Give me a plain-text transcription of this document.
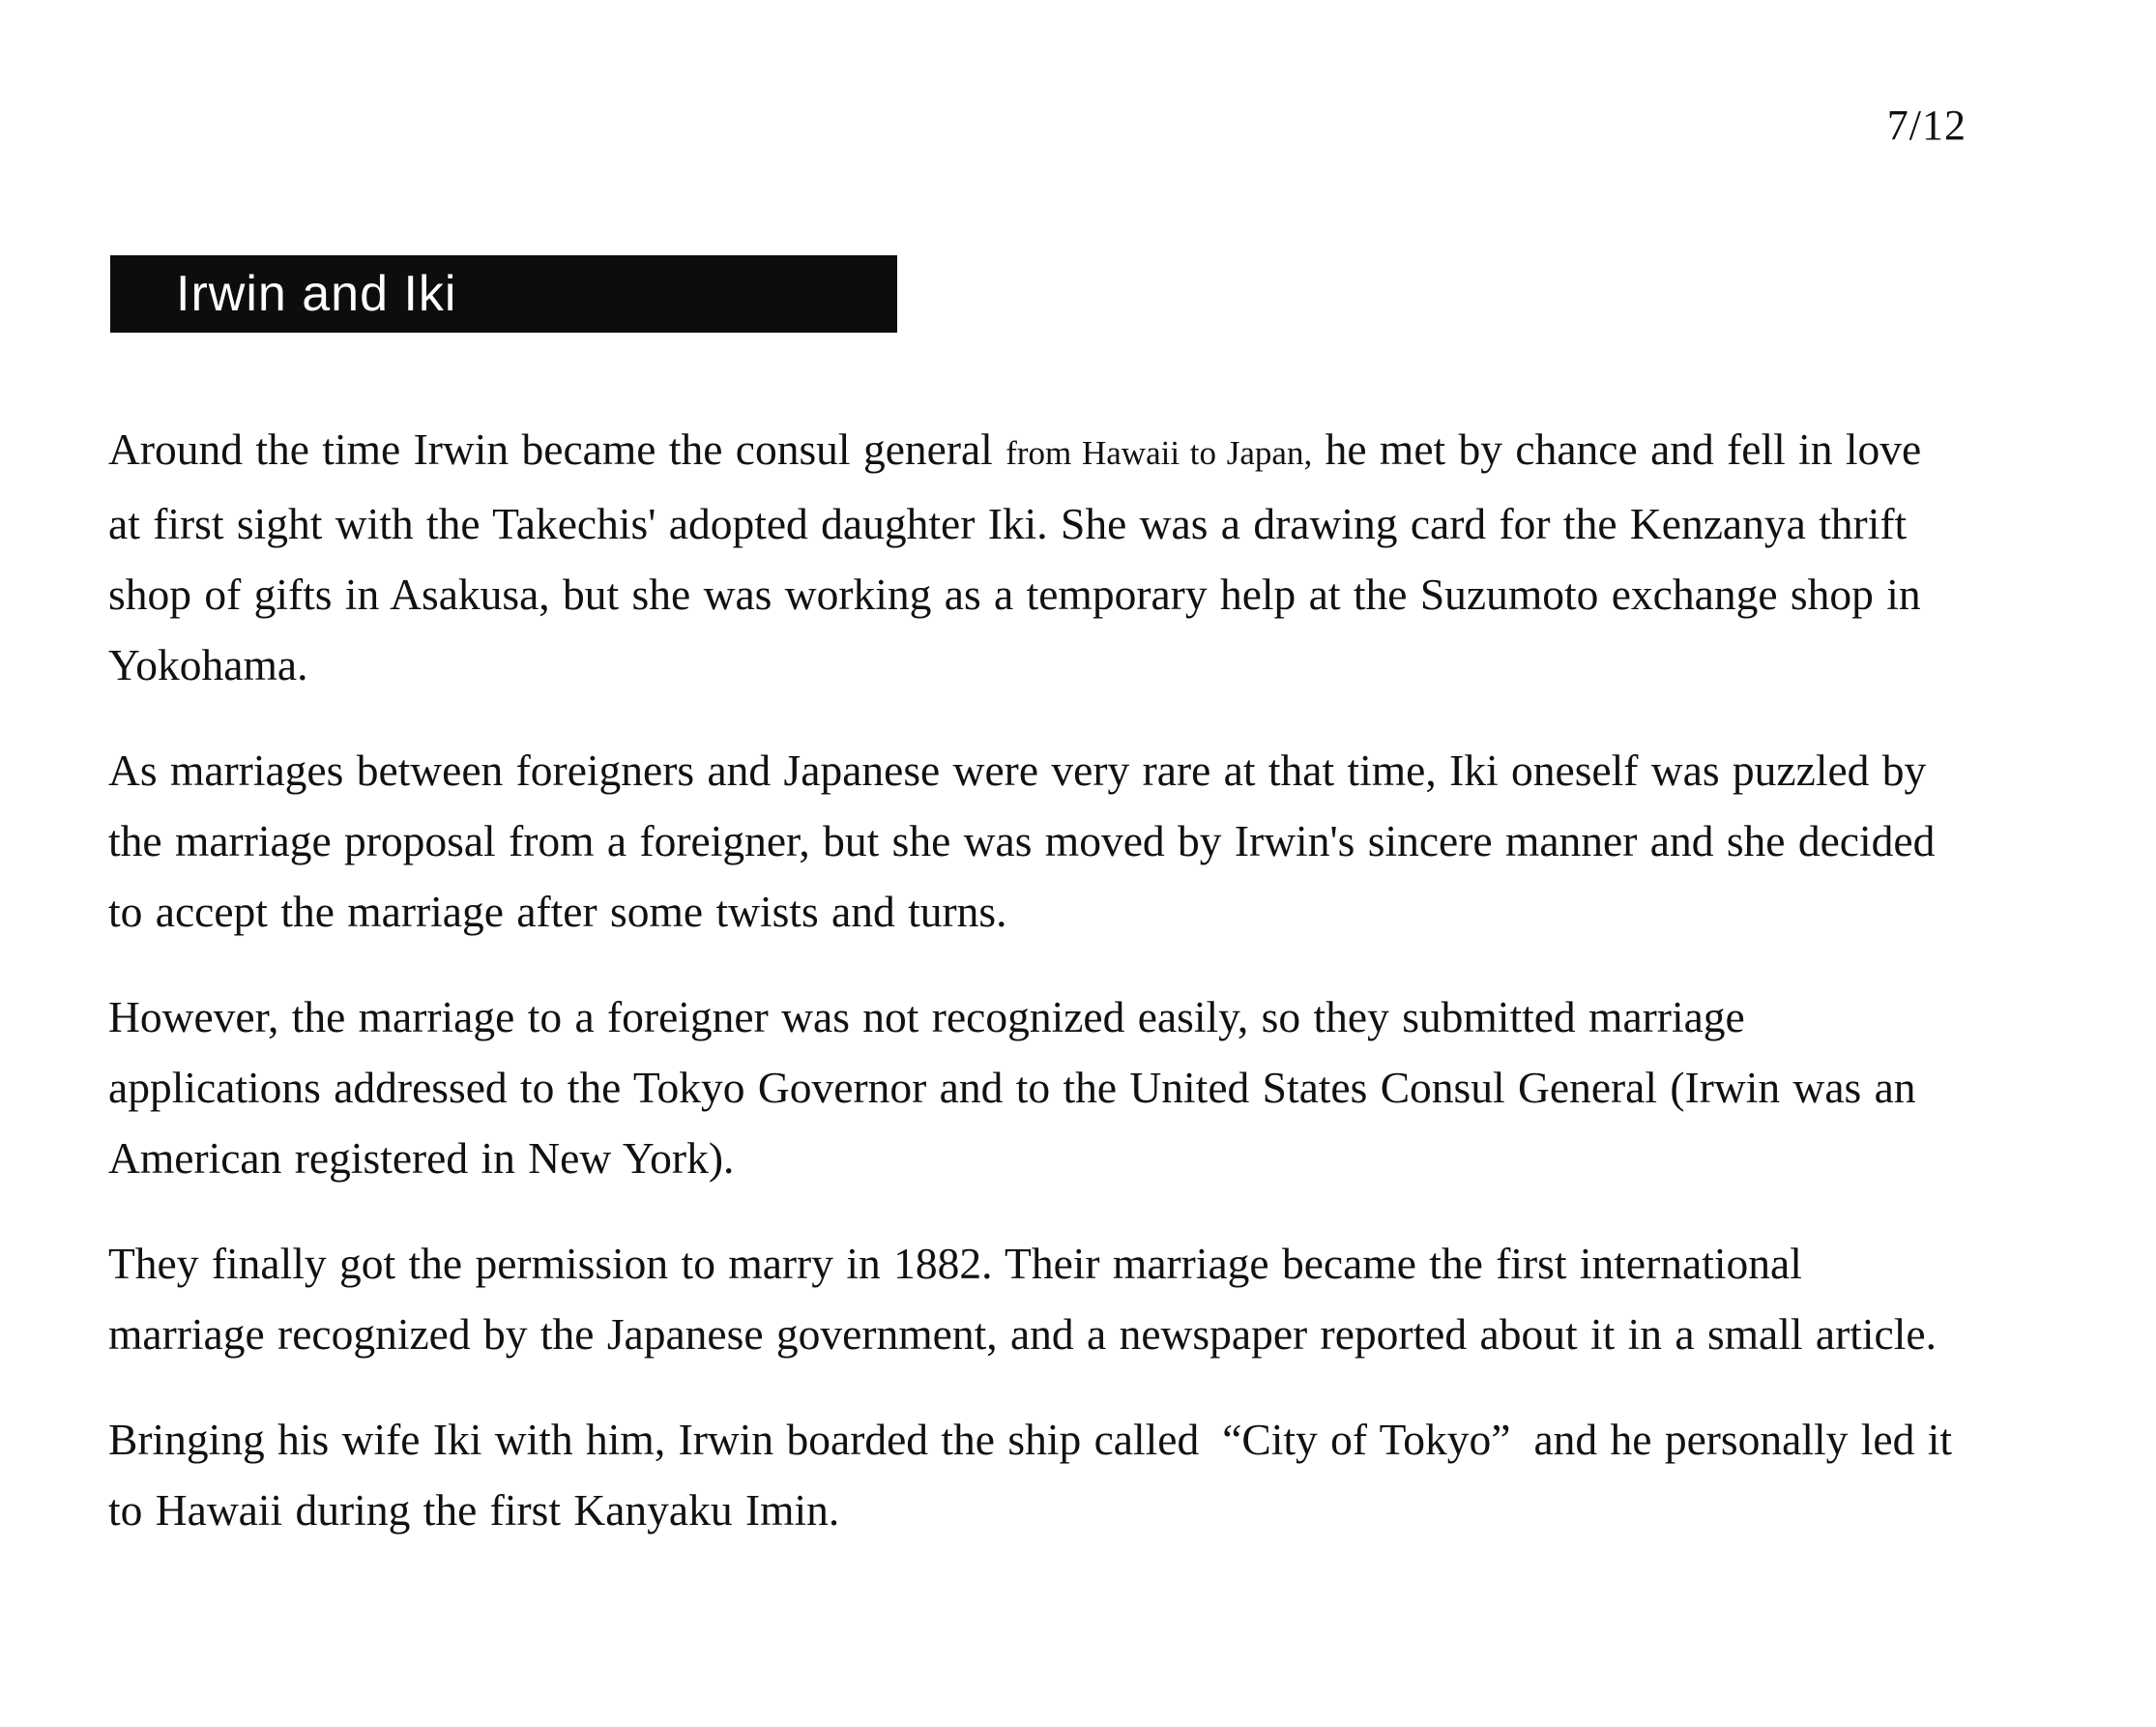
7/12
Irwin and Iki

Around the time Irwin became the consul general from Hawaii to Japan, he met by chance and fell in love at first sight with the Takechis' adopted daughter Iki. She was a drawing card for the Kenzanya thrift shop of gifts in Asakusa, but she was working as a temporary help at the Suzumoto exchange shop in Yokohama.

As marriages between foreigners and Japanese were very rare at that time, Iki oneself was puzzled by the marriage proposal from a foreigner, but she was moved by Irwin's sincere manner and she decided to accept the marriage after some twists and turns.

However, the marriage to a foreigner was not recognized easily, so they submitted marriage applications addressed to the Tokyo Governor and to the United States Consul General (Irwin was an American registered in New York).

They finally got the permission to marry in 1882. Their marriage became the first international marriage recognized by the Japanese government, and a newspaper reported about it in a small article.

Bringing his wife Iki with him, Irwin boarded the ship called “City of Tokyo” and he personally led it to Hawaii during the first Kanyaku Imin.
